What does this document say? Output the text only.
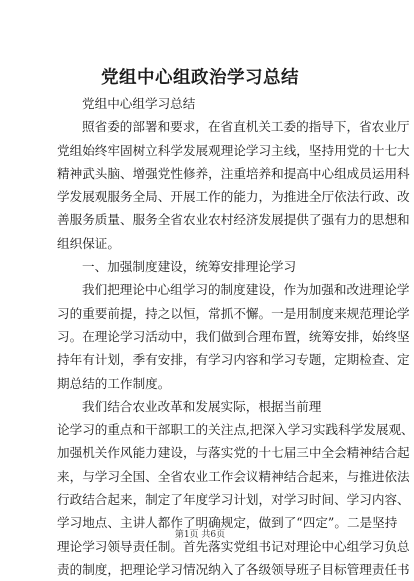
党组中心组政治学习总结
党组中心组学习总结
照省委的部署和要求，在省直机关工委的指导下，省农业厅
党组始终牢固树立科学发展观理论学习主线，坚持用党的十七大
精神武头脑、增强党性修养，注重培养和提高中心组成员运用科
学发展观服务全局、开展工作的能力，为推进全厅依法行政、改
善服务质量、服务全省农业农村经济发展提供了强有力的思想和
组织保证。
一、加强制度建设，统筹安排理论学习
我们把理论中心组学习的制度建设，作为加强和改进理论学
习的重要前提，持之以恒，常抓不懈。一是用制度来规范理论学
习。在理论学习活动中，我们做到合理布置，统筹安排，始终坚
持年有计划，季有安排，有学习内容和学习专题，定期检查、定
期总结的工作制度。
我们结合农业改革和发展实际，根据当前理
论学习的重点和干部职工的关注点,把深入学习实践科学发展观、
加强机关作风能力建设，与落实党的十七届三中全会精神结合起
来，与学习全国、全省农业工作会议精神结合起来，与推进依法
行政结合起来，制定了年度学习计划，对学习时间、学习内容、
学习地点、主讲人都作了明确规定，做到了“四定”。二是坚持
理论学习领导责任制。首先落实党组书记对理论中心组学习负总
责的制度，把理论学习情况纳入了各级领导班子目标管理责任书
第1页 共6页
